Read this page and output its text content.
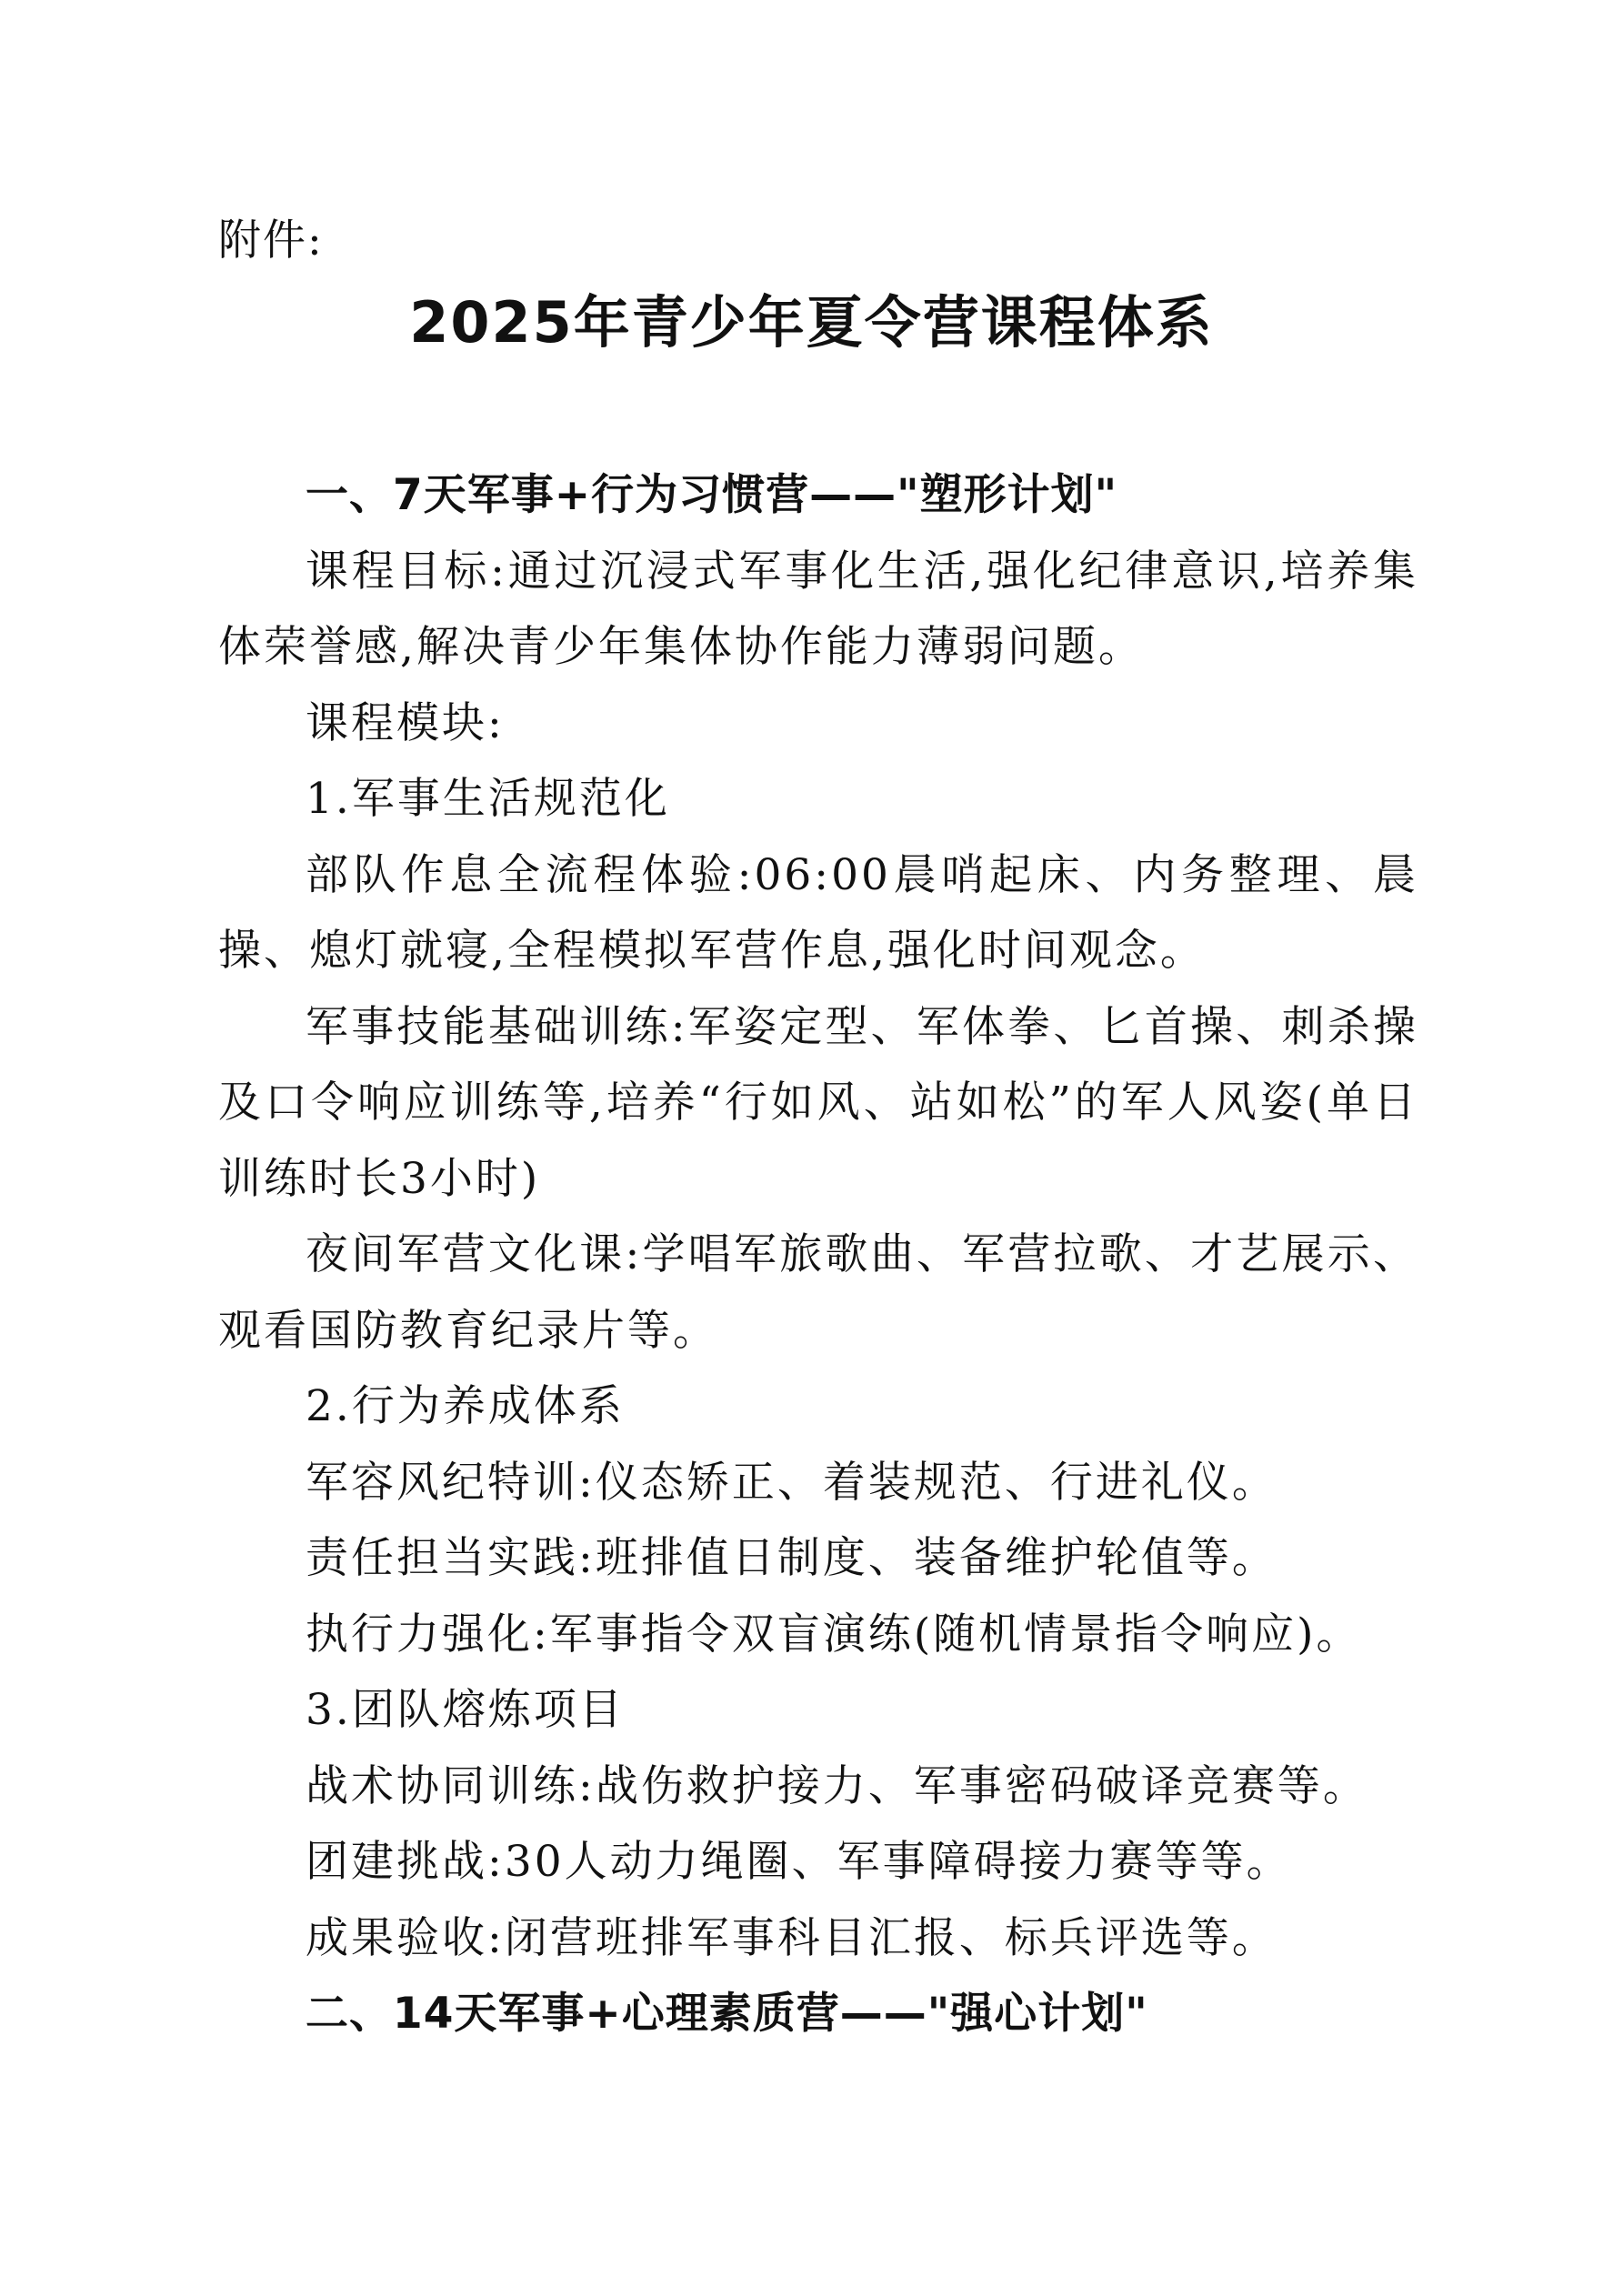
附件:
2025年青少年夏令营课程体系

一、7天军事+行为习惯营——"塑形计划"

课程目标:通过沉浸式军事化生活,强化纪律意识,培养集体荣誉感,解决青少年集体协作能力薄弱问题。

课程模块:

1.军事生活规范化

部队作息全流程体验:06:00晨哨起床、内务整理、晨操、熄灯就寝,全程模拟军营作息,强化时间观念。

军事技能基础训练:军姿定型、军体拳、匕首操、刺杀操及口令响应训练等,培养“行如风、站如松”的军人风姿(单日训练时长3小时)

夜间军营文化课:学唱军旅歌曲、军营拉歌、才艺展示、观看国防教育纪录片等。

2.行为养成体系

军容风纪特训:仪态矫正、着装规范、行进礼仪。

责任担当实践:班排值日制度、装备维护轮值等。

执行力强化:军事指令双盲演练(随机情景指令响应)。

3.团队熔炼项目

战术协同训练:战伤救护接力、军事密码破译竞赛等。

团建挑战:30人动力绳圈、军事障碍接力赛等等。

成果验收:闭营班排军事科目汇报、标兵评选等。

二、14天军事+心理素质营——"强心计划"
